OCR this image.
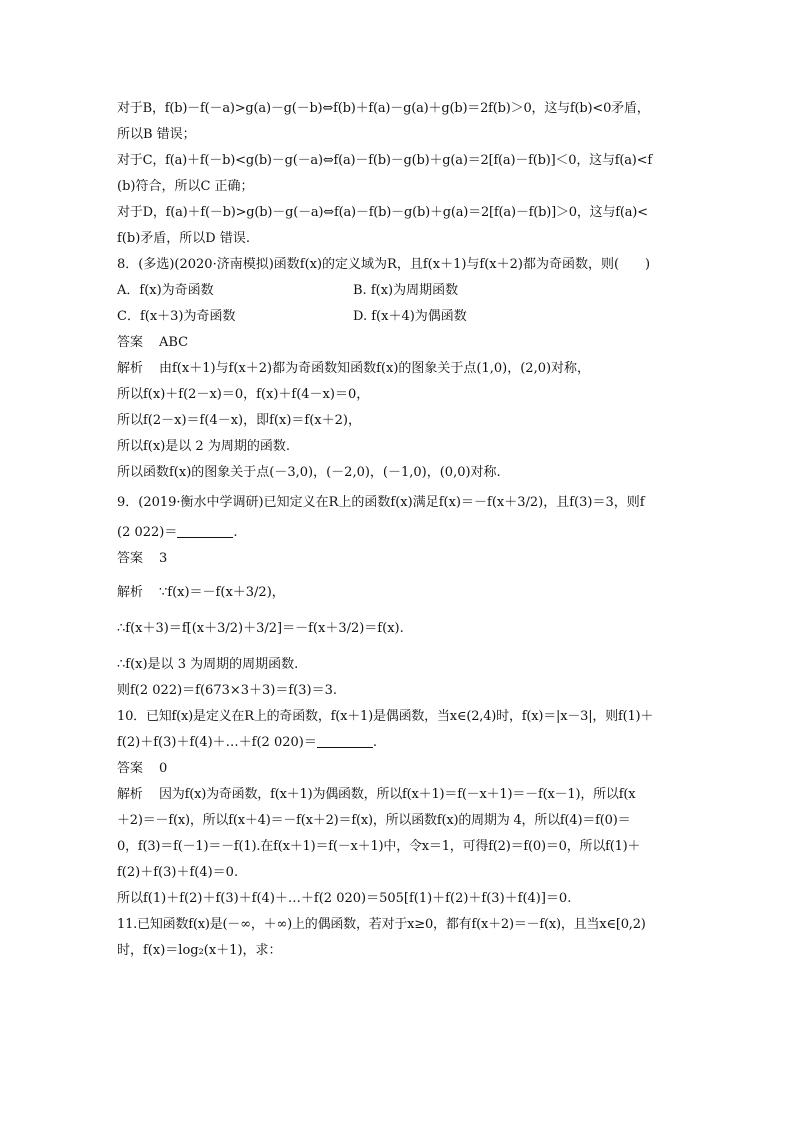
对于B，f(b)－f(－a)>g(a)－g(－b)⇔f(b)＋f(a)－g(a)＋g(b)＝2f(b)＞0，这与f(b)<0矛盾，
所以B 错误；
对于C，f(a)＋f(－b)<g(b)－g(－a)⇔f(a)－f(b)－g(b)＋g(a)＝2[f(a)－f(b)]＜0，这与f(a)<f
(b)符合，所以C 正确；
对于D，f(a)＋f(－b)>g(b)－g(－a)⇔f(a)－f(b)－g(b)＋g(a)＝2[f(a)－f(b)]＞0，这与f(a)<
f(b)矛盾，所以D 错误.
8．(多选)(2020·济南模拟)函数f(x)的定义域为R，且f(x＋1)与f(x＋2)都为奇函数，则(　　)
A．f(x)为奇函数	B. f(x)为周期函数
C．f(x＋3)为奇函数	D. f(x＋4)为偶函数
答案 ABC
解析 由f(x＋1)与f(x＋2)都为奇函数知函数f(x)的图象关于点(1,0)，(2,0)对称，
所以f(x)＋f(2－x)＝0，f(x)＋f(4－x)＝0，
所以f(2－x)＝f(4－x)，即f(x)＝f(x＋2)，
所以f(x)是以 2 为周期的函数.
所以函数f(x)的图象关于点(－3,0)，(－2,0)，(－1,0)，(0,0)对称.
9．(2019·衡水中学调研)已知定义在R上的函数f(x)满足f(x)＝－f(x＋3/2)，且f(3)＝3，则f
(2 022)＝	.
答案 3
解析 ∵f(x)＝－f(x＋3/2)，
∴f(x＋3)＝f[(x＋3/2)＋3/2]＝－f(x＋3/2)＝f(x).
∴f(x)是以 3 为周期的周期函数.
则f(2 022)＝f(673×3＋3)＝f(3)＝3.
10．已知f(x)是定义在R上的奇函数，f(x＋1)是偶函数，当x∈(2,4)时，f(x)＝|x－3|，则f(1)＋
f(2)＋f(3)＋f(4)＋…＋f(2 020)＝	.
答案 0
解析 因为f(x)为奇函数，f(x＋1)为偶函数，所以f(x＋1)＝f(－x＋1)＝－f(x－1)，所以f(x
＋2)＝－f(x)，所以f(x＋4)＝－f(x＋2)＝f(x)，所以函数f(x)的周期为 4，所以f(4)＝f(0)＝
0，f(3)＝f(－1)＝－f(1).在f(x＋1)＝f(－x＋1)中，令x＝1，可得f(2)＝f(0)＝0，所以f(1)＋
f(2)＋f(3)＋f(4)＝0.
所以f(1)＋f(2)＋f(3)＋f(4)＋…＋f(2 020)＝505[f(1)＋f(2)＋f(3)＋f(4)]＝0.
11.已知函数f(x)是(－∞，＋∞)上的偶函数，若对于x≥0，都有f(x＋2)＝－f(x)，且当x∈[0,2)
时，f(x)＝log₂(x＋1)，求：
